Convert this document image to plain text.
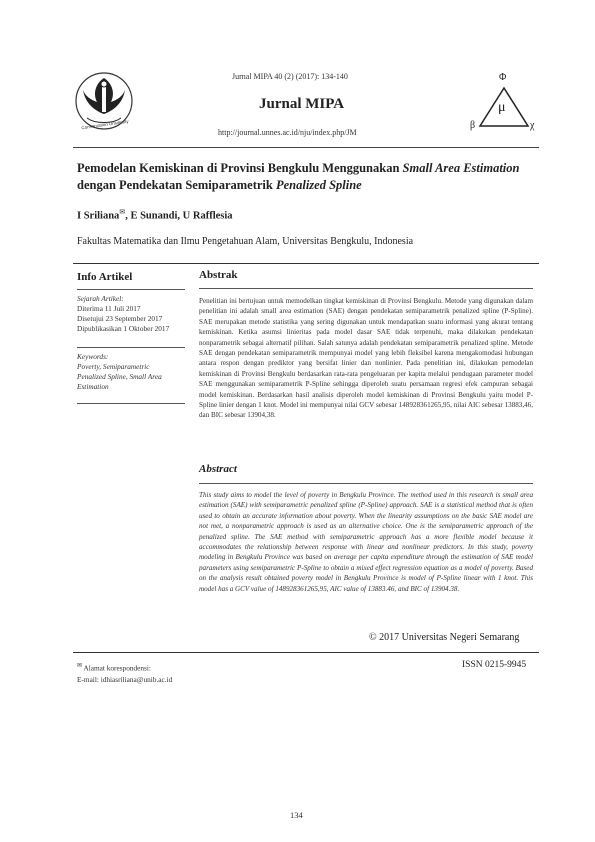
Conservation University
Jurnal MIPA 40 (2) (2017): 134-140
Jurnal MIPA
http://journal.unnes.ac.id/nju/index.php/JM
Φ
μ
β	χ
Pemodelan Kemiskinan di Provinsi Bengkulu Menggunakan Small Area Estimation
dengan Pendekatan Semiparametrik Penalized Spline
I Sriliana✉, E Sunandi, U Rafflesia
Fakultas Matematika dan Ilmu Pengetahuan Alam, Universitas Bengkulu, Indonesia
Info Artikel
Sejarah Artikel:
Diterima 11 Juli 2017
Disetujui 23 September 2017
Dipublikasikan 1 Oktober 2017
Keywords:
Poverty, Semiparametric
Penalized Spline, Small Area
Estimation
Abstrak
Penelitian ini bertujuan untuk memodelkan tingkat kemiskinan di Provinsi Bengkulu. Metode yang digunakan dalam penelitian ini adalah small area estimation (SAE) dengan pendekatan semiparametrik penalized spline (P-Spline). SAE merupakan metode statistika yang sering digunakan untuk mendapatkan suatu informasi yang akurat tentang kemiskinan. Ketika asumsi linieritas pada model dasar SAE tidak terpenuhi, maka dilakukan pendekatan nonparametrik sebagai alternatif pilihan. Salah satunya adalah pendekatan semiparametrik penalized spline. Metode SAE dengan pendekatan semiparametrik mempunyai model yang lebih fleksibel karena mengakomodasi hubungan antara respon dengan prediktor yang bersifat linier dan nonlinier. Pada penelitian ini, dilakukan pemodelan kemiskinan di Provinsi Bengkulu berdasarkan rata-rata pengeluaran per kapita melalui pendugaan parameter model SAE menggunakan semiparametrik P-Spline sehingga diperoleh suatu persamaan regresi efek campuran sebagai model kemiskinan. Berdasarkan hasil analisis diperoleh model kemiskinan di Provinsi Bengkulu yaitu model P-Spline linier dengan 1 knot. Model ini mempunyai nilai GCV sebesar 148928361265,95, nilai AIC sebesar 13883,46, dan BIC sebesar 13904,38.
Abstract
This study aims to model the level of poverty in Bengkulu Province. The method used in this research is small area estimation (SAE) with semiparametric penalized spline (P-Spline) approach. SAE is a statistical method that is often used to obtain an accurate information about poverty. When the linearity assumptions on the basic SAE model are not met, a nonparametric approach is used as an alternative choice. One is the semiparametric approach of the penalized spline. The SAE method with semiparametric approach has a more flexible model because it accommodates the relationship between response with linear and nonlinear predictors. In this study, poverty modeling in Bengkulu Province was based on average per capita expenditure through the estimation of SAE model parameters using semiparametric P-Spline to obtain a mixed effect regression equation as a model of poverty. Based on the analysis result obtained poverty model in Bengkulu Province is model of P-Spline linear with 1 knot. This model has a GCV value of 148928361265,95, AIC value of 13883.46, and BIC of 13904.38.
© 2017 Universitas Negeri Semarang
✉ Alamat korespondensi:
E-mail: idhiasriliana@unib.ac.id
ISSN 0215-9945
134
